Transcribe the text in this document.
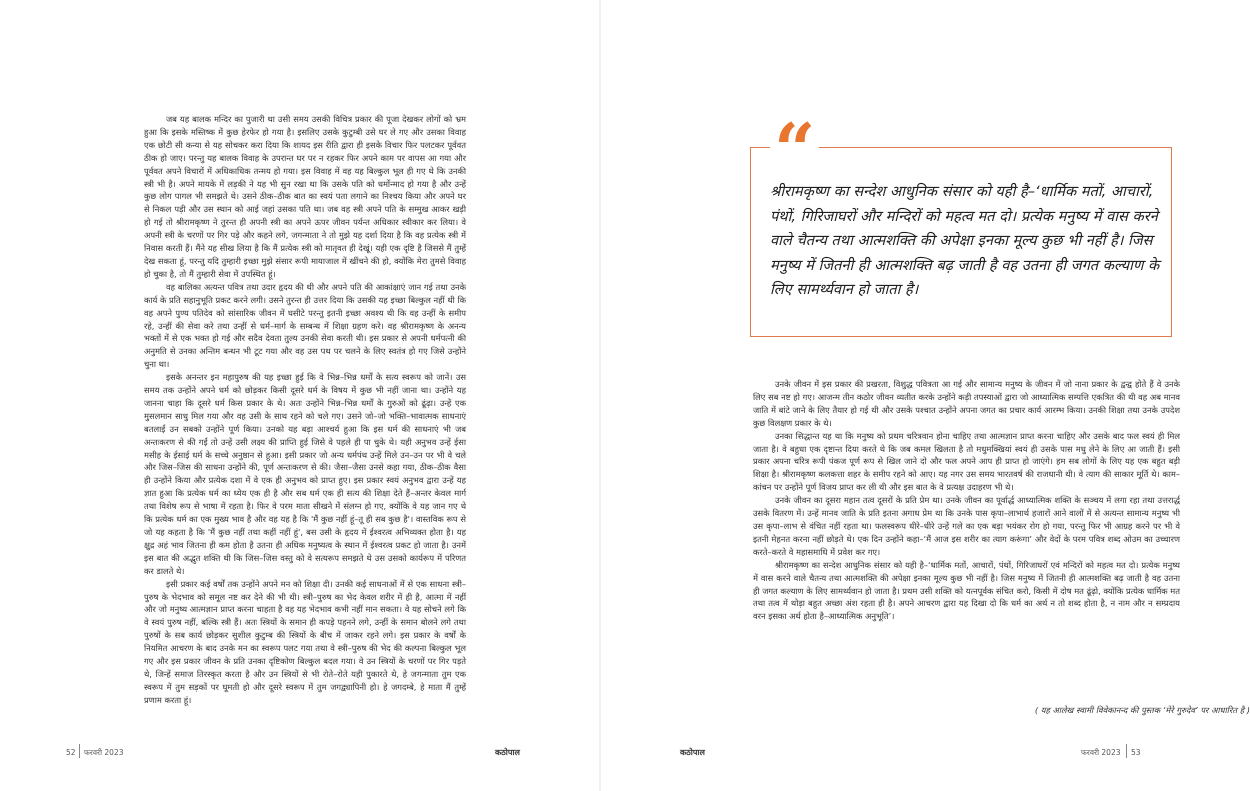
जब यह बालक मन्दिर का पुजारी था उसी समय उसकी विचित्र प्रकार की पूजा देखकर लोगों को भ्रम हुआ कि इसके मस्तिष्क में कुछ हेरफेर हो गया है। इसलिए उसके कुटुम्बी उसे घर ले गए और उसका विवाह एक छोटी सी कन्या से यह सोचकर करा दिया कि शायद इस रीति द्वारा ही इसके विचार फिर पलटकर पूर्ववत ठीक हो जाए। परन्तु यह बालक विवाह के उपरान्त घर पर न रहकर फिर अपने काम पर वापस आ गया और पूर्ववत अपने विचारों में अधिकाधिक तन्मय हो गया। इस विवाह में वह यह बिल्कुल भूल ही गए थे कि उनकी स्त्री भी है। अपने मायके में लड़की ने यह भी सुन रखा था कि उसके पति को धर्मोन्माद हो गया है और उन्हें कुछ लोग पागल भी समझते थे। उसने ठीक–ठीक बात का स्वयं पता लगाने का निश्चय किया और अपने घर से निकल पड़ी और उस स्थान को आई जहां उसका पति था। जब वह स्त्री अपने पति के सम्मुख आकर खड़ी हो गई तो श्रीरामकृष्ण ने तुरन्त ही अपनी स्त्री का अपने ऊपर जीवन पर्यन्त अधिकार स्वीकार कर लिया। वे अपनी स्त्री के चरणों पर गिर पड़े और कहने लगे, जगन्माता ने तो मुझे यह दर्शा दिया है कि वह प्रत्येक स्त्री में निवास करती हैं। मैंने यह सीख लिया है कि मैं प्रत्येक स्त्री को मातृवत ही देखूं। यही एक दृष्टि है जिससे मैं तुम्हें देख सकता हूं, परन्तु यदि तुम्हारी इच्छा मुझे संसार रूपी मायाजाल में खींचने की हो, क्योंकि मेरा तुमसे विवाह हो चुका है, तो मैं तुम्हारी सेवा में उपस्थित हूं।

वह बालिका अत्यन्त पवित्र तथा उदार हृदय की थी और अपने पति की आकांक्षाएं जान गई तथा उनके कार्य के प्रति सहानुभूति प्रकट करने लगी। उसने तुरन्त ही उत्तर दिया कि उसकी यह इच्छा बिल्कुल नहीं थी कि वह अपने पुण्य पतिदेव को सांसारिक जीवन में घसीटे परन्तु इतनी इच्छा अवश्य थी कि वह उन्हीं के समीप रहे, उन्हीं की सेवा करे तथा उन्हीं से धर्म–मार्ग के सम्बन्ध में शिक्षा ग्रहण करे। वह श्रीरामकृष्ण के अनन्य भक्तों में से एक भक्त हो गई और सदैव देवता तुल्य उनकी सेवा करती थी। इस प्रकार से अपनी धर्मपत्नी की अनुमति से उनका अन्तिम बन्धन भी टूट गया और वह उस पथ पर चलने के लिए स्वतंत्र हो गए जिसे उन्होंने चुना था।

इसके अनन्तर इन महापुरुष की यह इच्छा हुई कि वे भिन्न–भिन्न धर्मों के सत्य स्वरूप को जानें। उस समय तक उन्होंने अपने धर्म को छोड़कर किसी दूसरे धर्म के विषय में कुछ भी नहीं जाना था। उन्होंने यह जानना चाहा कि दूसरे धर्म किस प्रकार के थे। अतः उन्होंने भिन्न–भिन्न धर्मों के गुरुओं को ढूंढ़ा। उन्हें एक मुसलमान साधु मिल गया और वह उसी के साथ रहने को चले गए। उसने जो–जो भक्ति–भावात्मक साधनाएं बतलाईं उन सबको उन्होंने पूर्ण किया। उनको यह बड़ा आश्चर्य हुआ कि इस धर्म की साधनाएं भी जब अन्तःकरण से की गईं तो उन्हें उसी लक्ष्य की प्राप्ति हुई जिसे वे पहले ही पा चुके थे। यही अनुभव उन्हें ईसा मसीह के ईसाई धर्म के सच्चे अनुष्ठान से हुआ। इसी प्रकार जो अन्य धर्मपंथ उन्हें मिले उन–उन पर भी वे चले और जिस–जिस की साधना उन्होंने की, पूर्ण अन्तःकरण से की। जैसा–जैसा उनसे कहा गया, ठीक–ठीक वैसा ही उन्होंने किया और प्रत्येक दशा में वे एक ही अनुभव को प्राप्त हुए। इस प्रकार स्वयं अनुभव द्वारा उन्हें यह ज्ञात हुआ कि प्रत्येक धर्म का ध्येय एक ही है और सब धर्म एक ही सत्य की शिक्षा देते हैं–अन्तर केवल मार्ग तथा विशेष रूप से भाषा में रहता है। फिर वे परम माता सीखने में संलग्न हो गए, क्योंकि वे यह जान गए थे कि प्रत्येक धर्म का एक मुख्य भाव है और वह यह है कि 'मैं कुछ नहीं हूं–तू ही सब कुछ है'। वास्तविक रूप से जो यह कहता है कि 'मैं कुछ नहीं तथा कहीं नहीं हूं', बस उसी के हृदय में ईश्वरत्व अभिव्यक्त होता है। यह क्षुद्र अहं भाव जितना ही कम होता है उतना ही अधिक मनुष्यत्व के स्थान में ईश्वरत्व प्रकट हो जाता है। उनमें इस बात की अद्भुत शक्ति थी कि जिस–जिस वस्तु को वे सत्यरूप समझते थे उस उसको कार्यरूप में परिणत कर डालते थे।

इसी प्रकार कई वर्षों तक उन्होंने अपने मन को शिक्षा दी। उनकी कई साधनाओं में से एक साधना स्त्री–पुरुष के भेदभाव को समूल नष्ट कर देने की भी थी। स्त्री–पुरुष का भेद केवल शरीर में ही है, आत्मा में नहीं और जो मनुष्य आत्मज्ञान प्राप्त करना चाहता है वह यह भेदभाव कभी नहीं मान सकता। वे यह सोचने लगे कि वे स्वयं पुरुष नहीं, बल्कि स्त्री हैं। अतः स्त्रियों के समान ही कपड़े पहनने लगे, उन्हीं के समान बोलने लगे तथा पुरुषों के सब कार्य छोड़कर सुशील कुटुम्ब की स्त्रियों के बीच में जाकर रहने लगे। इस प्रकार के वर्षों के नियमित आचरण के बाद उनके मन का स्वरूप पलट गया तथा वे स्त्री–पुरुष की भेद की कल्पना बिल्कुल भूल गए और इस प्रकार जीवन के प्रति उनका दृष्टिकोण बिल्कुल बदल गया। वे उन स्त्रियों के चरणों पर गिर पड़ते थे, जिन्हें समाज तिरस्कृत करता है और उन स्त्रियों से भी रोते–रोते यही पुकारते थे, हे जगन्माता तुम एक स्वरूप में तुम सड़कों पर घूमती हो और दूसरे स्वरूप में तुम जगद्व्यापिनी हो। हे जगदम्बे, हे माता मैं तुम्हें प्रणाम करता हूं।

52 फरवरी 2023	कठोपाल
“
श्रीरामकृष्ण का सन्देश आधुनिक संसार को यही है–‘धार्मिक मतों, आचारों, पंथों, गिरिजाघरों और मन्दिरों को महत्व मत दो। प्रत्येक मनुष्य में वास करने वाले चैतन्य तथा आत्मशक्ति की अपेक्षा इनका मूल्य कुछ भी नहीं है। जिस मनुष्य में जितनी ही आत्मशक्ति बढ़ जाती है वह उतना ही जगत कल्याण के लिए सामर्थ्यवान हो जाता है।

उनके जीवन में इस प्रकार की प्रखरता, विशुद्ध पवित्रता आ गई और सामान्य मनुष्य के जीवन में जो नाना प्रकार के द्वन्द्व होते हैं वे उनके लिए सब नष्ट हो गए। आजन्म तीन कठोर जीवन व्यतीत करके उन्होंने कड़ी तपस्याओं द्वारा जो आध्यात्मिक सम्पत्ति एकत्रित की थी वह अब मानव जाति में बांटे जाने के लिए तैयार हो गई थी और उसके पश्चात उन्होंने अपना जगत का प्रचार कार्य आरम्भ किया। उनकी शिक्षा तथा उनके उपदेश कुछ विलक्षण प्रकार के थे।

उनका सिद्धान्त यह था कि मनुष्य को प्रथम चरित्रवान होना चाहिए तथा आत्मज्ञान प्राप्त करना चाहिए और उसके बाद फल स्वयं ही मिल जाता है। वे बहुधा एक दृष्टान्त दिया करते थे कि जब कमल खिलता है तो मधुमक्खियां स्वयं ही उसके पास मधु लेने के लिए आ जाती हैं। इसी प्रकार अपना चरित्र रूपी पंकज पूर्ण रूप से खिल जाने दो और फल अपने आप ही प्राप्त हो जाएंगे। हम सब लोगों के लिए यह एक बहुत बड़ी शिक्षा है। श्रीरामकृष्ण कलकत्ता शहर के समीप रहने को आए। यह नगर उस समय भारतवर्ष की राजधानी थी। वे त्याग की साकार मूर्ति थे। काम–कांचन पर उन्होंने पूर्ण विजय प्राप्त कर ली थी और इस बात के वे प्रत्यक्ष उदाहरण भी थे।

उनके जीवन का दूसरा महान तत्व दूसरों के प्रति प्रेम था। उनके जीवन का पूर्वार्द्ध आध्यात्मिक शक्ति के सञ्चय में लगा रहा तथा उत्तरार्द्ध उसके वितरण में। उन्हें मानव जाति के प्रति इतना अगाध प्रेम था कि उनके पास कृपा–लाभार्थ हजारों आने वालों में से अत्यन्त सामान्य मनुष्य भी उस कृपा–लाभ से वंचित नहीं रहता था। फलस्वरूप धीरे–धीरे उन्हें गले का एक बड़ा भयंकर रोग हो गया, परन्तु फिर भी आग्रह करने पर भी वे इतनी मेहनत करना नहीं छोड़ते थे। एक दिन उन्होंने कहा–‘मैं आज इस शरीर का त्याग करूंगा’ और वेदों के परम पवित्र शब्द ओउम का उच्चारण करते–करते वे महासमाधि में प्रवेश कर गए।

श्रीरामकृष्ण का सन्देश आधुनिक संसार को यही है–‘धार्मिक मतों, आचारों, पंथों, गिरिजाघरों एवं मन्दिरों को महत्व मत दो। प्रत्येक मनुष्य में वास करने वाले चैतन्य तथा आत्मशक्ति की अपेक्षा इनका मूल्य कुछ भी नहीं है। जिस मनुष्य में जितनी ही आत्मशक्ति बढ़ जाती है वह उतना ही जगत कल्याण के लिए सामर्थ्यवान हो जाता है। प्रथम उसी शक्ति को यत्नपूर्वक संचित करो, किसी में दोष मत ढूंढ़ो, क्योंकि प्रत्येक धार्मिक मत तथा तत्व में थोड़ा बहुत अच्छा अंश रहता ही है। अपने आचरण द्वारा यह दिखा दो कि धर्म का अर्थ न तो शब्द होता है, न नाम और न सम्प्रदाय वरन इसका अर्थ होता है–आध्यात्मिक अनुभूति’।

( यह आलेख स्वामी विवेकानन्द की पुस्तक ‘मेरे गुरुदेव’ पर आधारित है )
कठोपाल	फरवरी 2023 53
